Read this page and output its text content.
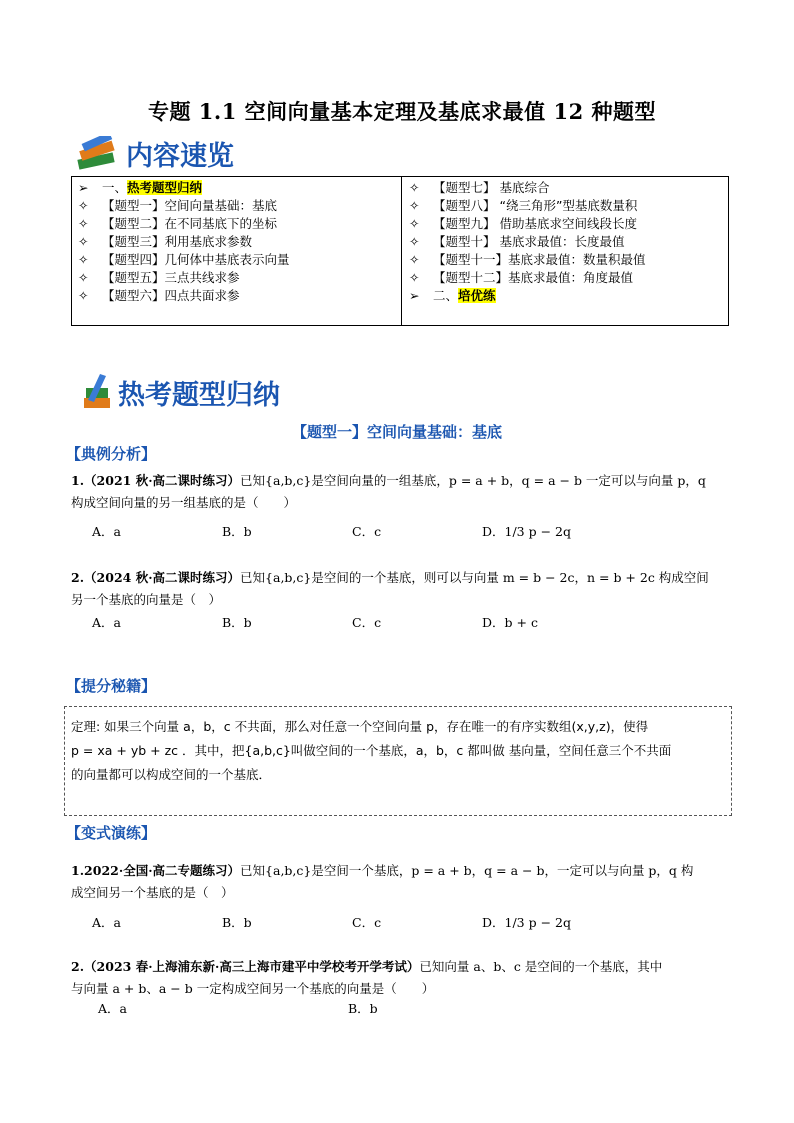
专题 1.1 空间向量基本定理及基底求最值 12 种题型
内容速览
➢ 一、热考题型归纳
✧ 【题型一】空间向量基础：基底
✧ 【题型二】在不同基底下的坐标
✧ 【题型三】利用基底求参数
✧ 【题型四】几何体中基底表示向量
✧ 【题型五】三点共线求参
✧ 【题型六】四点共面求参
✧ 【题型七】 基底综合
✧ 【题型八】 “绕三角形”型基底数量积
✧ 【题型九】 借助基底求空间线段长度
✧ 【题型十】 基底求最值：长度最值
✧ 【题型十一】基底求最值：数量积最值
✧ 【题型十二】基底求最值：角度最值
➢ 二、培优练
热考题型归纳
【题型一】空间向量基础：基底
【典例分析】
1.（2021 秋·高二课时练习）已知{a,b,c}是空间向量的一组基底，p = a + b，q = a − b 一定可以与向量 p，q
构成空间向量的另一组基底的是（　　）
A．a	B．b	C．c	D．1/3 p − 2q
2.（2024 秋·高二课时练习）已知{a,b,c}是空间的一个基底，则可以与向量 m = b − 2c，n = b + 2c 构成空间
另一个基底的向量是（　）
A．a	B．b	C．c	D．b + c
【提分秘籍】
定理: 如果三个向量 a，b，c 不共面，那么对任意一个空间向量 p，存在唯一的有序实数组(x,y,z)，使得
p = xa + yb + zc ．其中，把{a,b,c}叫做空间的一个基底，a，b，c 都叫做 基向量，空间任意三个不共面
的向量都可以构成空间的一个基底．
【变式演练】
1.2022·全国·高二专题练习）已知{a,b,c}是空间一个基底，p = a + b，q = a − b，一定可以与向量 p，q 构
成空间另一个基底的是（　）
A．a	B．b	C．c	D．1/3 p − 2q
2.（2023 春·上海浦东新·高三上海市建平中学校考开学考试）已知向量 a、b、c 是空间的一个基底，其中
与向量 a + b、a − b 一定构成空间另一个基底的向量是（　　）
A．a	B．b
